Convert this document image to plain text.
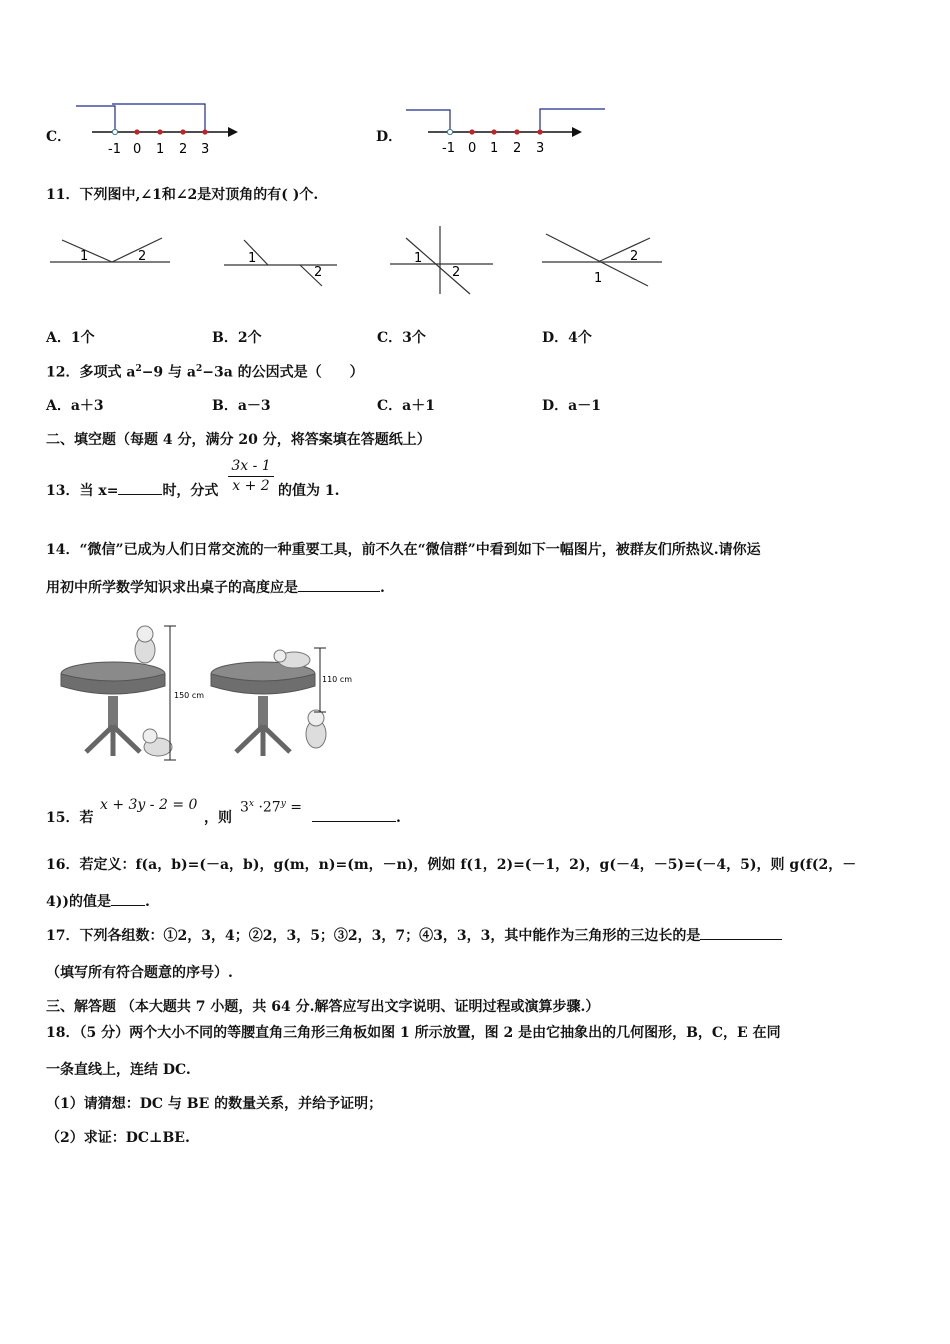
C．
-1 0 1 2 3
D．
-1 0 1 2 3
11．下列图中,∠1和∠2是对顶角的有( )个.
1	2	1
2
1
2
2
1
A．1个	B．2个	C．3个	D．4个
12．多项式 $a^2-9$ 与 $a^2-3a$ 的公因式是（　　）
A．a＋3	B．a－3	C．a＋1	D．a－1
二、填空题（每题 4 分，满分 20 分，将答案填在答题纸上）
13．当 x=	时，分式
3x - 1
x + 2 的值为 1.
14．“微信”已成为人们日常交流的一种重要工具，前不久在“微信群”中看到如下一幅图片，被群友们所热议.请你运
用初中所学数学知识求出桌子的高度应是	.
150 cm
110 cm
15．若
x + 3y - 2 = 0
，则
$3^x \cdot 27^y$ =
.
16．若定义：f(a，b)=(－a，b)，g(m，n)=(m，－n)，例如 f(1，2)=(－1，2)，g(－4，－5)=(－4，5)，则 g(f(2，－
4))的值是 .
17．下列各组数：①2，3，4；②2，3，5；③2，3，7；④3，3，3，其中能作为三角形的三边长的是
（填写所有符合题意的序号）.
三、解答题 （本大题共 7 小题，共 64 分.解答应写出文字说明、证明过程或演算步骤.）
18．（5 分）两个大小不同的等腰直角三角形三角板如图 1 所示放置，图 2 是由它抽象出的几何图形，B，C，E 在同
一条直线上，连结 DC.
（1）请猜想：DC 与 BE 的数量关系，并给予证明；
（2）求证：DC⊥BE.
